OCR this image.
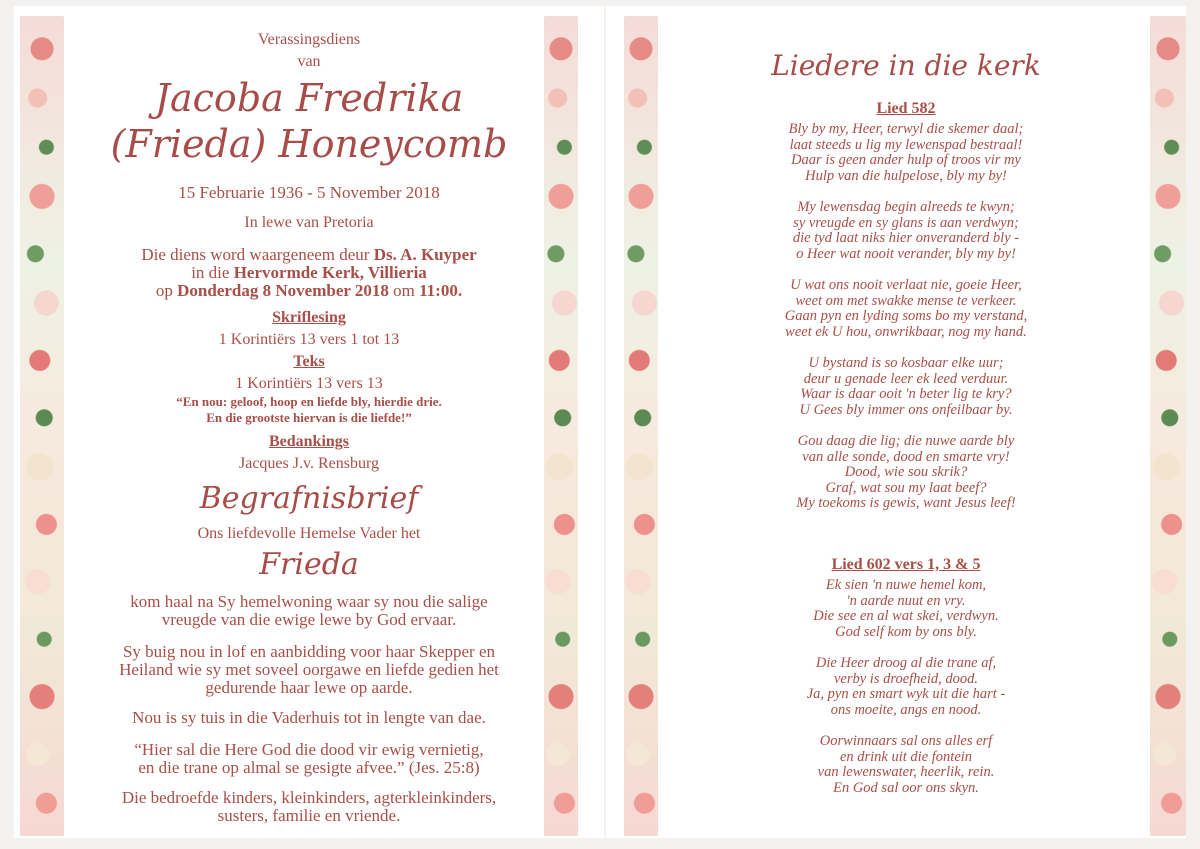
Verassingsdiens
van
Jacoba Fredrika
(Frieda) Honeycomb
15 Februarie 1936 - 5 November 2018
In lewe van Pretoria
Die diens word waargeneem deur Ds. A. Kuyper
in die Hervormde Kerk, Villieria
op Donderdag 8 November 2018 om 11:00.
Skriflesing
1 Korintiërs 13 vers 1 tot 13
Teks
1 Korintiërs 13 vers 13
“En nou: geloof, hoop en liefde bly, hierdie drie.
En die grootste hiervan is die liefde!”
Bedankings
Jacques J.v. Rensburg
Begrafnisbrief
Ons liefdevolle Hemelse Vader het
Frieda
kom haal na Sy hemelwoning waar sy nou die salige
vreugde van die ewige lewe by God ervaar.
Sy buig nou in lof en aanbidding voor haar Skepper en
Heiland wie sy met soveel oorgawe en liefde gedien het
gedurende haar lewe op aarde.
Nou is sy tuis in die Vaderhuis tot in lengte van dae.
“Hier sal die Here God die dood vir ewig vernietig,
en die trane op almal se gesigte afvee.” (Jes. 25:8)
Die bedroefde kinders, kleinkinders, agterkleinkinders,
susters, familie en vriende.
Liedere in die kerk
Lied 582
Bly by my, Heer, terwyl die skemer daal;
laat steeds u lig my lewenspad bestraal!
Daar is geen ander hulp of troos vir my
Hulp van die hulpelose, bly my by!
My lewensdag begin alreeds te kwyn;
sy vreugde en sy glans is aan verdwyn;
die tyd laat niks hier onveranderd bly -
o Heer wat nooit verander, bly my by!
U wat ons nooit verlaat nie, goeie Heer,
weet om met swakke mense te verkeer.
Gaan pyn en lyding soms bo my verstand,
weet ek U hou, onwrikbaar, nog my hand.
U bystand is so kosbaar elke uur;
deur u genade leer ek leed verduur.
Waar is daar ooit 'n beter lig te kry?
U Gees bly immer ons onfeilbaar by.
Gou daag die lig; die nuwe aarde bly
van alle sonde, dood en smarte vry!
Dood, wie sou skrik?
Graf, wat sou my laat beef?
My toekoms is gewis, want Jesus leef!
Lied 602 vers 1, 3 & 5
Ek sien 'n nuwe hemel kom,
'n aarde nuut en vry.
Die see en al wat skei, verdwyn.
God self kom by ons bly.
Die Heer droog al die trane af,
verby is droefheid, dood.
Ja, pyn en smart wyk uit die hart -
ons moeite, angs en nood.
Oorwinnaars sal ons alles erf
en drink uit die fontein
van lewenswater, heerlik, rein.
En God sal oor ons skyn.
